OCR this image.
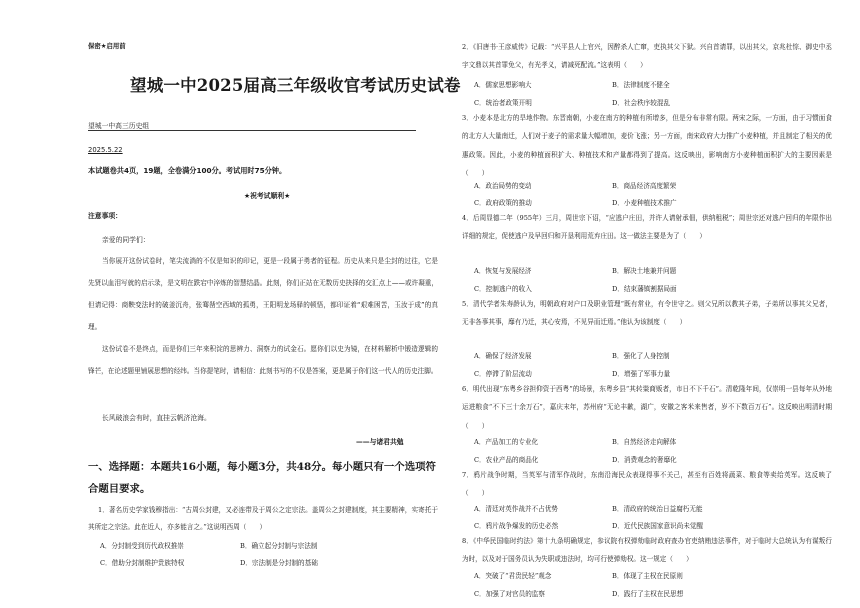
保密★启用前
望城一中2025届高三年级收官考试历史试卷
望城一中高三历史组
2025.5.22
本试题卷共4页，19题，全卷满分100分。考试用时75分钟。
★祝考试顺利★
注意事项：
亲爱的同学们：
当你展开这份试卷时，笔尖流淌的不仅是知识的印记，更是一段属于勇者的征程。历史从来只是尘封的过往，它是先贤以血泪写就的启示录，是文明在跌宕中淬炼的智慧结晶。此刻，你们正站在无数历史抉择的交汇点上——或许凝重，但请记得：商鞅变法时的破釜沉舟，张骞凿空西域的孤勇，王阳明龙场驿的顿悟，都印证着“艰难困苦，玉汝于成”的真理。
这份试卷不是终点，而是你们三年来积淀的思辨力、洞察力的试金石。愿你们以史为镜，在材料解析中锻造逻辑的锋芒，在论述题里铺展思想的经纬。当你提笔时，请相信：此刻书写的不仅是答案，更是属于你们这一代人的历史注脚。
长风破浪会有时，直挂云帆济沧海。
——与诸君共勉
一、选择题：本题共16小题，每小题3分，共48分。每小题只有一个选项符合题目要求。
1．著名历史学家钱穆指出：“古周公封建，又必连带及于周公之定宗法。盖周公之封建制度，其主要精神，实寄托于其所定之宗法。此在近人，亦多能言之。”这说明西周（　　）
A．分封制受到历代政权推崇	B．确立起分封制与宗法制
C．借助分封制维护贵族特权	D．宗法制是分封制的基础
2．《旧唐书·王彦威传》记载：“兴平县人上官兴，因醉杀人亡窜，吏执其父下狱。兴自首请罪，以出其父，京兆杜悰、御史中丞宇文鼎以其首罪免父，有光孝义，请减死配流。”这表明（　　）
A．儒家思想影响大	B．法律制度不健全
C．统治者政策开明	D．社会秩序较混乱
3．小麦本是北方的旱地作物。东晋南朝，小麦在南方的种植有所增多，但是分布非常有限。两宋之际，一方面，由于习惯面食的北方人大量南迁，人们对于麦子的需求量大幅增加，麦价飞涨；另一方面，南宋政府大力推广小麦种植，并且制定了相关的优惠政策。因此，小麦的种植面积扩大、种植技术和产量都得到了提高。这反映出，影响南方小麦种植面积扩大的主要因素是（　　）
A．政治局势的变动	B．商品经济高度繁荣
C．政府政策的推动	D．小麦种植技术推广
4．后周显德二年（955年）三月，周世宗下诏，“应逃户庄田，并许人请射承佃，供纳租税”；周世宗还对逃户回归的年限作出详细的规定，促使逃户及早回归和开垦利用荒弃庄田。这一做法主要是为了（　　）
A．恢复与发展经济	B．解决土地兼并问题
C．控制逃户的收入	D．结束藩镇割据局面
5．清代学者朱寿龄认为，明朝政府对户口及职业管理“既有常业，有令世守之。则父兄所以教其子弟，子弟所以事其父兄者，无非各事其事，靡有乃迁，其心安焉，不见异而迁焉。”他认为该制度（　　）
A．确保了经济发展	B．强化了人身控制
C．停滞了阶层流动	D．增强了军事力量
6．明代出现“东粤乡谷担仰资于西粤”的场景，东粤乡县“其转粜商贩者，市日不下千石”。清乾隆年间，仅崇明一县每年从外地运进粮食“不下三十余万石”，嘉庆末年，苏州府“无论丰歉，湖广，安徽之客米来售者，岁不下数百万石”。这反映出明清时期（　　）
A．产品加工的专业化	B．自然经济走向解体
C．农业产品的商品化	D．消费观念的奢靡化
7．鸦片战争时期，当英军与清军作战时，东南沿海民众表现得事不关己，甚至有百姓将蔬菜、粮食等卖给英军。这反映了（　　）
A．清廷对英作战并不占优势	B．清政府的统治日益腐朽无能
C．鸦片战争爆发的历史必然	D．近代民族国家意识尚未觉醒
8．《中华民国临时约法》第十九条明确规定，参议院有权弹劾临时政府查办官吏纳贿违法事件，对于临时大总统认为有谋叛行为时，以及对于国务员认为失职或违法时，均可行使弹劾权。这一规定（　　）
A．突破了“君贵民轻”观念	B．体现了主权在民原则
C．加强了对官员的监察	D．践行了主权在民思想
